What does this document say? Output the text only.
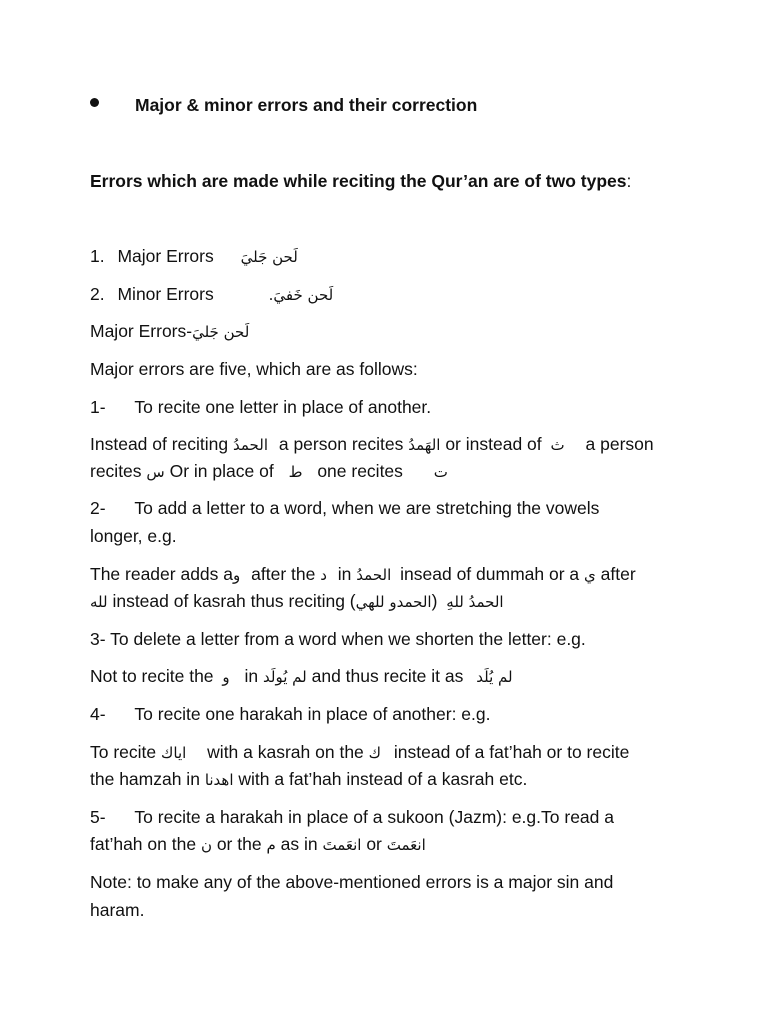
Major & minor errors and their correction
Errors which are made while reciting the Qur’an are of two types:
1. Major Errors لَحن جَليَ
2. Minor Errors	لَحن خَفيَ.
Major Errors-لَحن جَليَ
Major errors are five, which are as follows:
1-      To recite one letter in place of another.
Instead of reciting الحمدُ a person recites الهَمدُ or instead of ث a person
recites س Or in place of ط one recites ت
2-      To add a letter to a word, when we are stretching the vowels
longer, e.g.
The reader adds aو after the د in الحمدُ insead of dummah or a ي after
لله instead of kasrah thus reciting (الحمدو للهي) الحمدُ للهِ
3- To delete a letter from a word when we shorten the letter: e.g.
Not to recite the و in لم يُولَد and thus recite it as لم يُلَد
4-      To recite one harakah in place of another: e.g.
To recite اياك with a kasrah on the ك instead of a fat’hah or to recite
the hamzah in اهدنا with a fat’hah instead of a kasrah etc.
5-      To recite a harakah in place of a sukoon (Jazm): e.g.To read a
fat’hah on the ن or the م as in انعَمتَ or انعَمتَ
Note: to make any of the above-mentioned errors is a major sin and
haram.
